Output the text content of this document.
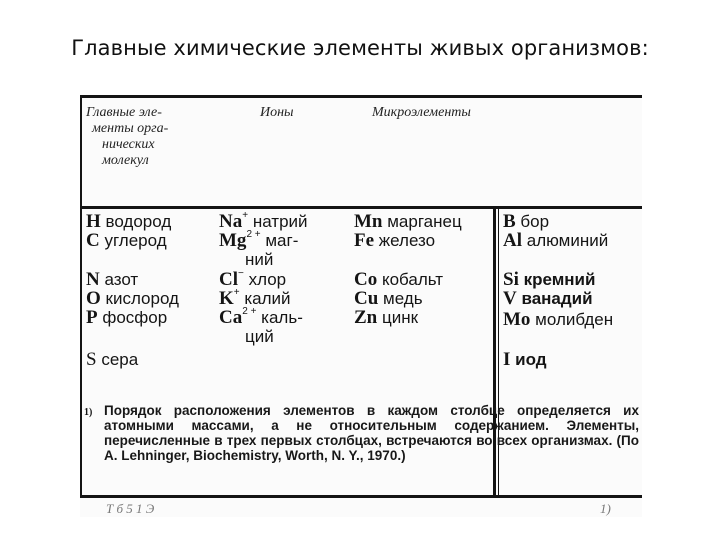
Главные химические элементы живых организмов:
Главные эле-
менты орга-
нических
молекул
Ионы	Микроэлементы
H водород
C углерод
N азот
O кислород
P фосфор
S сера
Na+ натрий
$Mg^{2 +}$ маг-
ний
Cl− хлор
K+ калий
$Ca^{2 +}$ каль-
ций
Mn марганец
Fe железо
Co кобальт
Cu медь
Zn цинк
B бор
Al алюминий
Si кремний
V ванадий
Mo молибден
I иод
1) Порядок расположения элементов в каждом столбце определяется их атомными массами, а не относительным содержанием. Элементы, перечисленные в трех первых столбцах, встречаются во всех организмах. (По A. Lehninger, Biochemistry, Worth, N. Y., 1970.)
Т б 5 1 Э	1)
